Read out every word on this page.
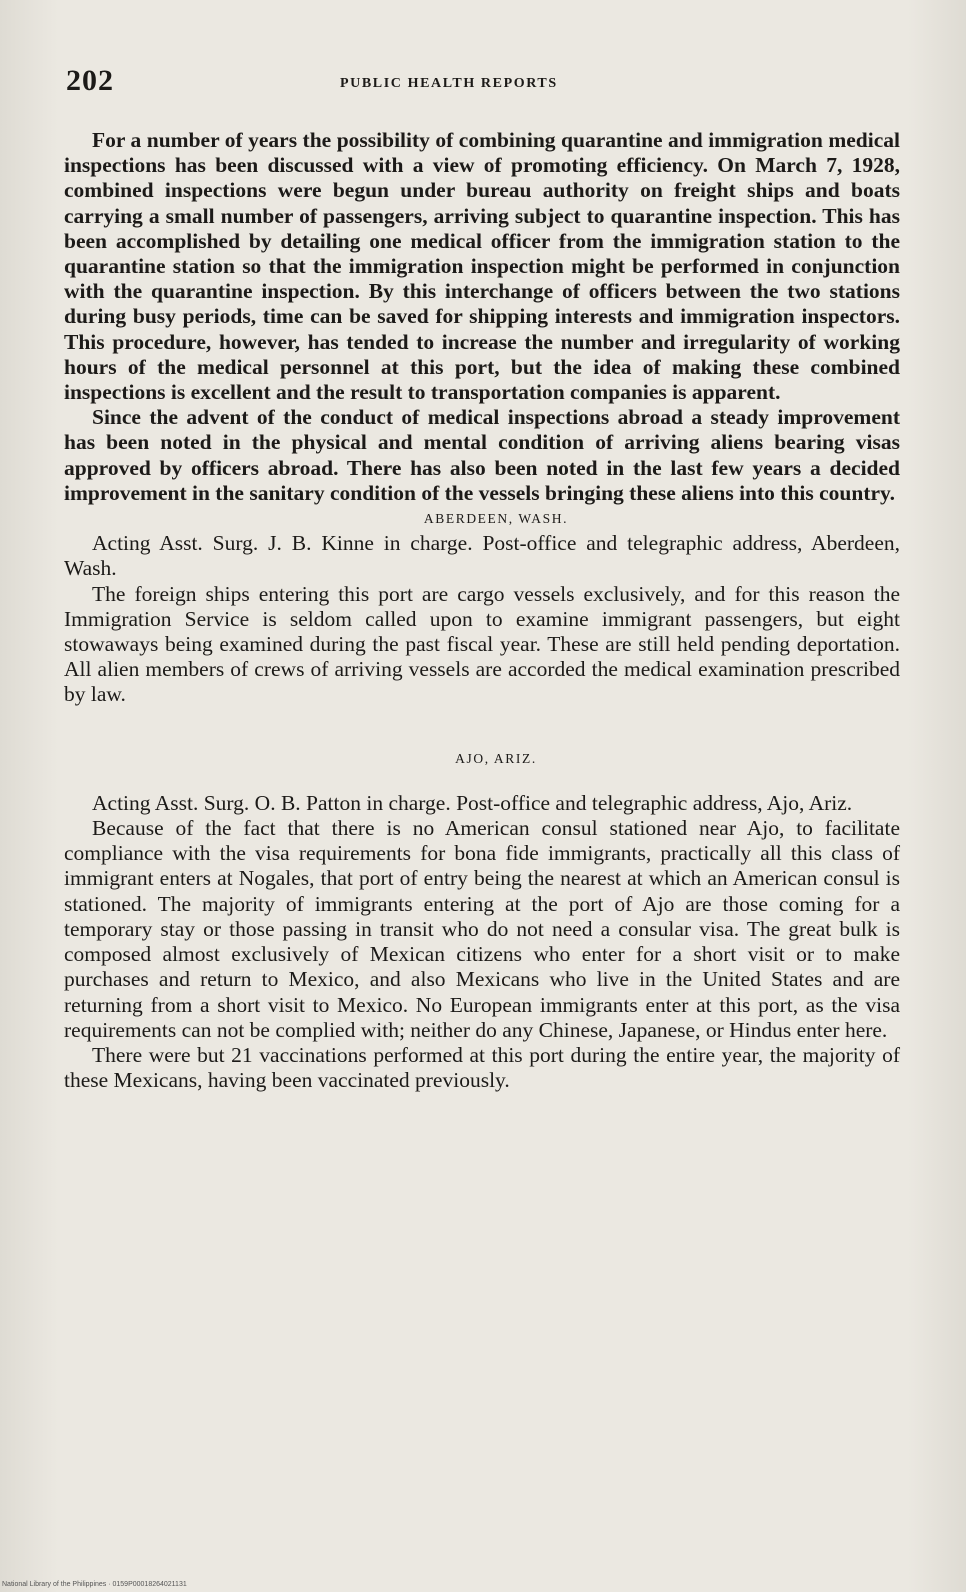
202	PUBLIC HEALTH REPORTS

For a number of years the possibility of combining quarantine and immigration medical inspections has been discussed with a view of promoting efficiency. On March 7, 1928, combined inspections were begun under bureau authority on freight ships and boats carrying a small number of passengers, arriving subject to quarantine inspection. This has been accomplished by detailing one medical officer from the immigration station to the quarantine station so that the immigration inspection might be performed in conjunction with the quarantine inspection. By this interchange of officers between the two stations during busy periods, time can be saved for shipping interests and immigration inspectors. This procedure, however, has tended to increase the number and irregularity of working hours of the medical personnel at this port, but the idea of making these combined inspections is excellent and the result to transportation companies is apparent.

Since the advent of the conduct of medical inspections abroad a steady improvement has been noted in the physical and mental condition of arriving aliens bearing visas approved by officers abroad. There has also been noted in the last few years a decided improvement in the sanitary condition of the vessels bringing these aliens into this country.

ABERDEEN, WASH.

Acting Asst. Surg. J. B. Kinne in charge. Post-office and telegraphic address, Aberdeen, Wash.

The foreign ships entering this port are cargo vessels exclusively, and for this reason the Immigration Service is seldom called upon to examine immigrant passengers, but eight stowaways being examined during the past fiscal year. These are still held pending deportation. All alien members of crews of arriving vessels are accorded the medical examination prescribed by law.

AJO, ARIZ.

Acting Asst. Surg. O. B. Patton in charge. Post-office and telegraphic address, Ajo, Ariz.

Because of the fact that there is no American consul stationed near Ajo, to facilitate compliance with the visa requirements for bona fide immigrants, practically all this class of immigrant enters at Nogales, that port of entry being the nearest at which an American consul is stationed. The majority of immigrants entering at the port of Ajo are those coming for a temporary stay or those passing in transit who do not need a consular visa. The great bulk is composed almost exclusively of Mexican citizens who enter for a short visit or to make purchases and return to Mexico, and also Mexicans who live in the United States and are returning from a short visit to Mexico. No European immigrants enter at this port, as the visa requirements can not be complied with; neither do any Chinese, Japanese, or Hindus enter here.

There were but 21 vaccinations performed at this port during the entire year, the majority of these Mexicans, having been vaccinated previously.

National Library of the Philippines · 0159P00018264021131
